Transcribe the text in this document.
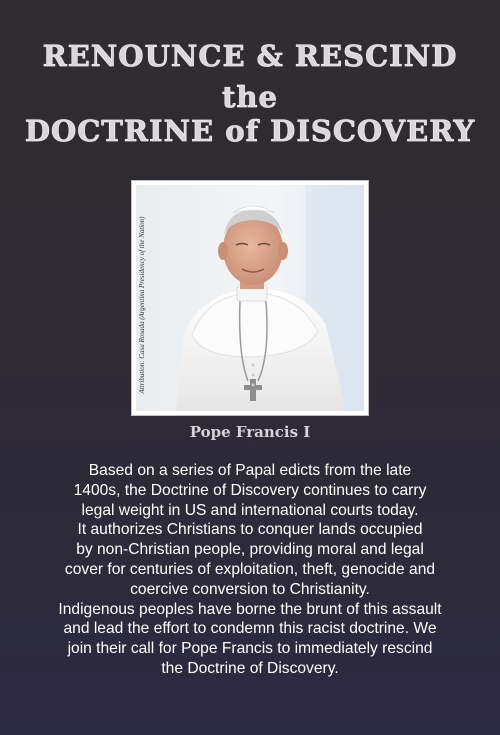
RENOUNCE & RESCIND
the
DOCTRINE of DISCOVERY
Attribution: Casa Rosada (Argentina Presidency of the Nation)
Pope Francis I
Based on a series of Papal edicts from the late
1400s, the Doctrine of Discovery continues to carry
legal weight in US and international courts today.
It authorizes Christians to conquer lands occupied
by non-Christian people, providing moral and legal
cover for centuries of exploitation, theft, genocide and
coercive conversion to Christianity.
Indigenous peoples have borne the brunt of this assault
and lead the effort to condemn this racist doctrine. We
join their call for Pope Francis to immediately rescind
the Doctrine of Discovery.
